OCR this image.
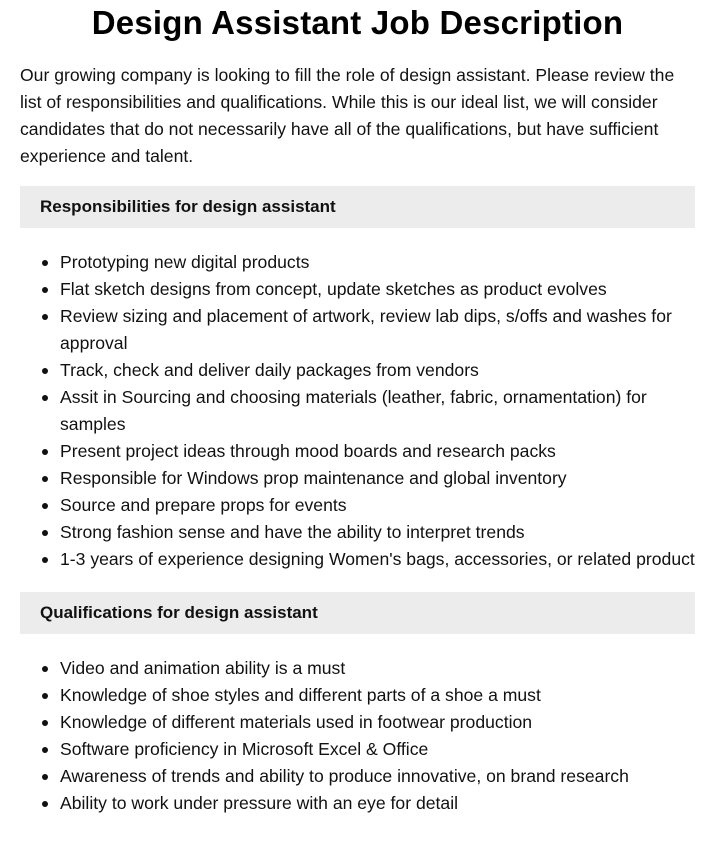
Design Assistant Job Description

Our growing company is looking to fill the role of design assistant. Please review the list of responsibilities and qualifications. While this is our ideal list, we will consider candidates that do not necessarily have all of the qualifications, but have sufficient experience and talent.

Responsibilities for design assistant
Prototyping new digital products
Flat sketch designs from concept, update sketches as product evolves
Review sizing and placement of artwork, review lab dips, s/offs and washes for approval
Track, check and deliver daily packages from vendors
Assit in Sourcing and choosing materials (leather, fabric, ornamentation) for samples
Present project ideas through mood boards and research packs
Responsible for Windows prop maintenance and global inventory
Source and prepare props for events
Strong fashion sense and have the ability to interpret trends
1-3 years of experience designing Women's bags, accessories, or related product
Qualifications for design assistant
Video and animation ability is a must
Knowledge of shoe styles and different parts of a shoe a must
Knowledge of different materials used in footwear production
Software proficiency in Microsoft Excel & Office
Awareness of trends and ability to produce innovative, on brand research
Ability to work under pressure with an eye for detail
